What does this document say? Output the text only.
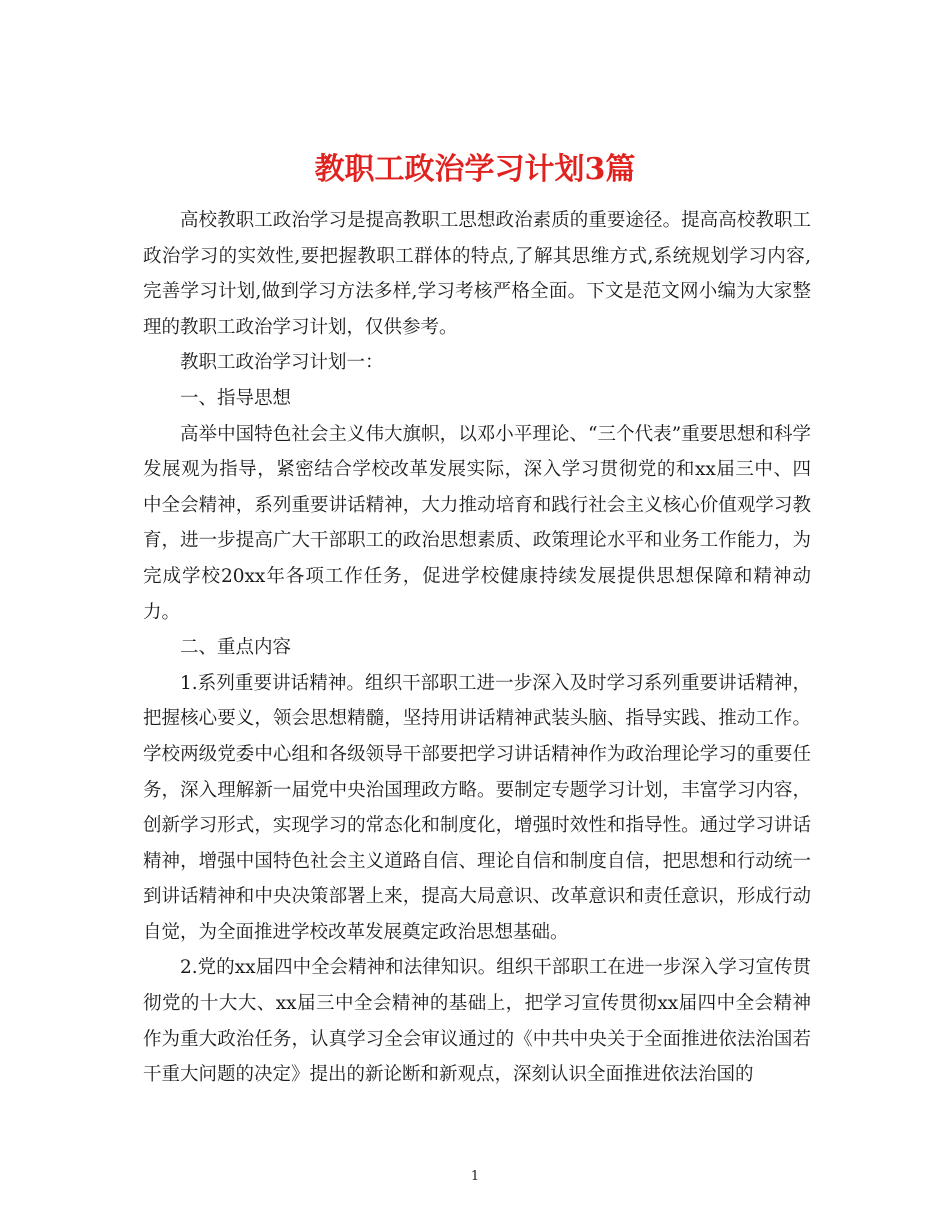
教职工政治学习计划3篇

高校教职工政治学习是提高教职工思想政治素质的重要途径。提高高校教职工政治学习的实效性,要把握教职工群体的特点,了解其思维方式,系统规划学习内容,完善学习计划,做到学习方法多样,学习考核严格全面。下文是范文网小编为大家整理的教职工政治学习计划，仅供参考。

教职工政治学习计划一：

一、指导思想

高举中国特色社会主义伟大旗帜，以邓小平理论、“三个代表”重要思想和科学发展观为指导，紧密结合学校改革发展实际，深入学习贯彻党的和xx届三中、四中全会精神，系列重要讲话精神，大力推动培育和践行社会主义核心价值观学习教育，进一步提高广大干部职工的政治思想素质、政策理论水平和业务工作能力，为完成学校20xx年各项工作任务，促进学校健康持续发展提供思想保障和精神动力。

二、重点内容

1.系列重要讲话精神。组织干部职工进一步深入及时学习系列重要讲话精神，把握核心要义，领会思想精髓，坚持用讲话精神武装头脑、指导实践、推动工作。学校两级党委中心组和各级领导干部要把学习讲话精神作为政治理论学习的重要任务，深入理解新一届党中央治国理政方略。要制定专题学习计划，丰富学习内容，创新学习形式，实现学习的常态化和制度化，增强时效性和指导性。通过学习讲话精神，增强中国特色社会主义道路自信、理论自信和制度自信，把思想和行动统一到讲话精神和中央决策部署上来，提高大局意识、改革意识和责任意识，形成行动自觉，为全面推进学校改革发展奠定政治思想基础。

2.党的xx届四中全会精神和法律知识。组织干部职工在进一步深入学习宣传贯彻党的十大大、xx届三中全会精神的基础上，把学习宣传贯彻xx届四中全会精神作为重大政治任务，认真学习全会审议通过的《中共中央关于全面推进依法治国若干重大问题的决定》提出的新论断和新观点，深刻认识全面推进依法治国的

1
